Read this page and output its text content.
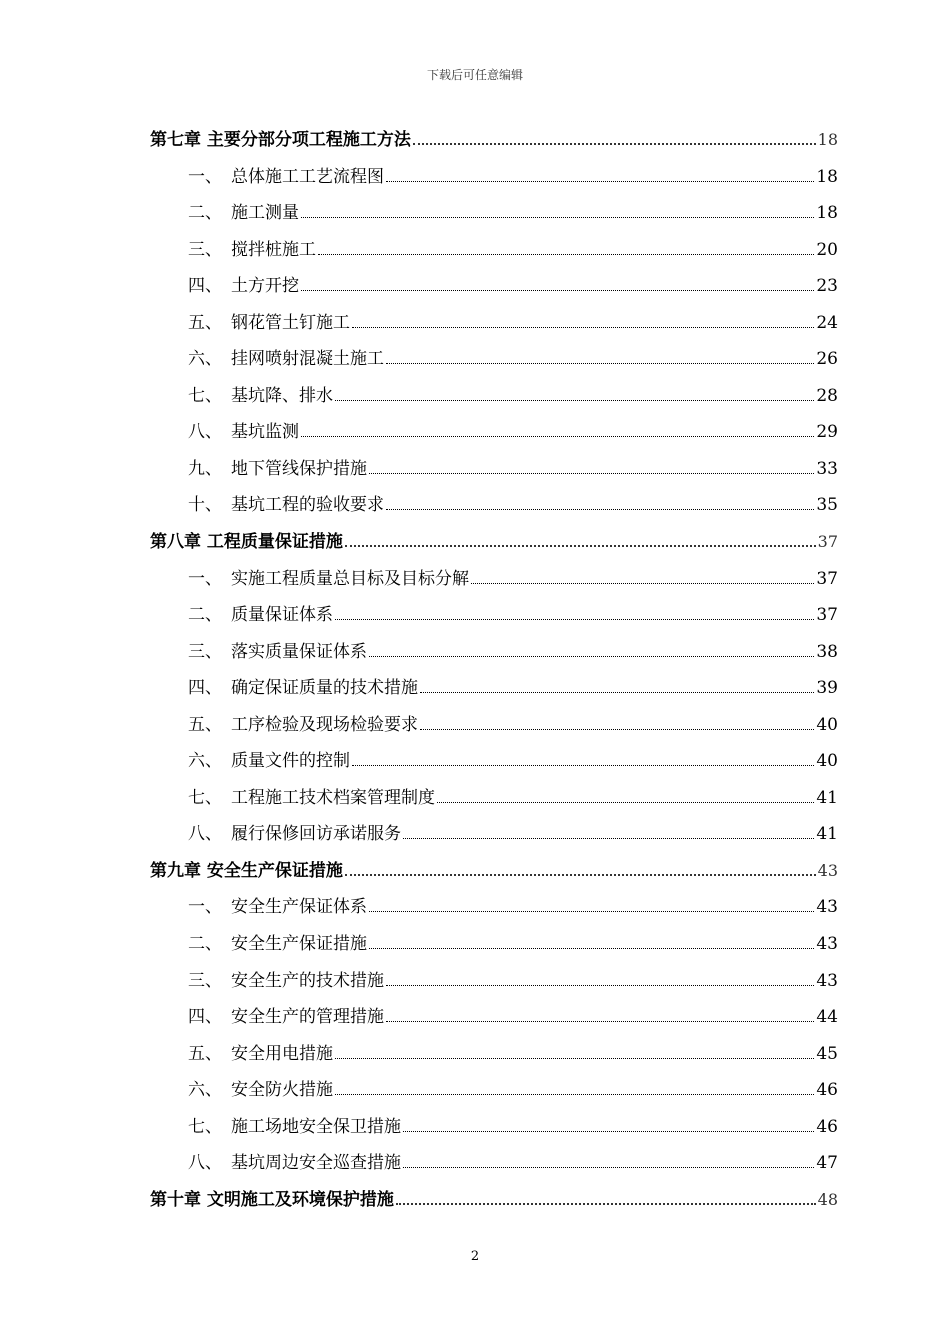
下载后可任意编辑
第七章 主要分部分项工程施工方法	18
一、 总体施工工艺流程图	18
二、 施工测量	18
三、 搅拌桩施工	20
四、 土方开挖	23
五、 钢花管土钉施工	24
六、 挂网喷射混凝土施工	26
七、 基坑降、排水	28
八、 基坑监测	29
九、 地下管线保护措施	33
十、 基坑工程的验收要求	35
第八章 工程质量保证措施	37
一、 实施工程质量总目标及目标分解	37
二、 质量保证体系	37
三、 落实质量保证体系	38
四、 确定保证质量的技术措施	39
五、 工序检验及现场检验要求	40
六、 质量文件的控制	40
七、 工程施工技术档案管理制度	41
八、 履行保修回访承诺服务	41
第九章 安全生产保证措施	43
一、 安全生产保证体系	43
二、 安全生产保证措施	43
三、 安全生产的技术措施	43
四、 安全生产的管理措施	44
五、 安全用电措施	45
六、 安全防火措施	46
七、 施工场地安全保卫措施	46
八、 基坑周边安全巡查措施	47
第十章 文明施工及环境保护措施	48
2
